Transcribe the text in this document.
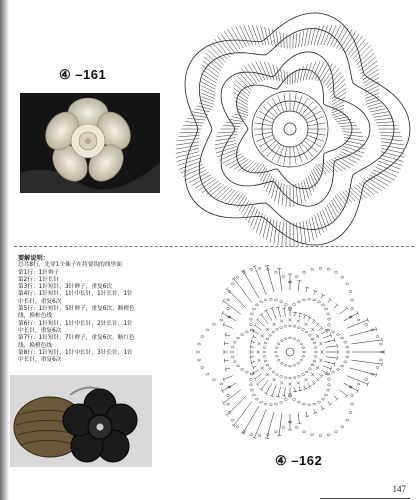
④ –161
要解说明：
总共8行，先穿1个珠子在将要钩的线里面
第1行：1针辫子
第2行：1针长针
第3行：1针短针，3针辫子，重复6次
第4行：1针短针，1针中长针，1针长针，1针
中长针，重复6次
第5行：1针短针，5针辫子，重复6次，断橙色
线，换桩色线
第6行：1针短针，1针中长针，2针长针，1针
中长针，重复6次
第7行：1针短针，7针辫子，重复6次，断红色
线，换橙色线
第8行：1针短针，1针中长针，3针长针，1针
中长针，重复6次
④ –162
147
